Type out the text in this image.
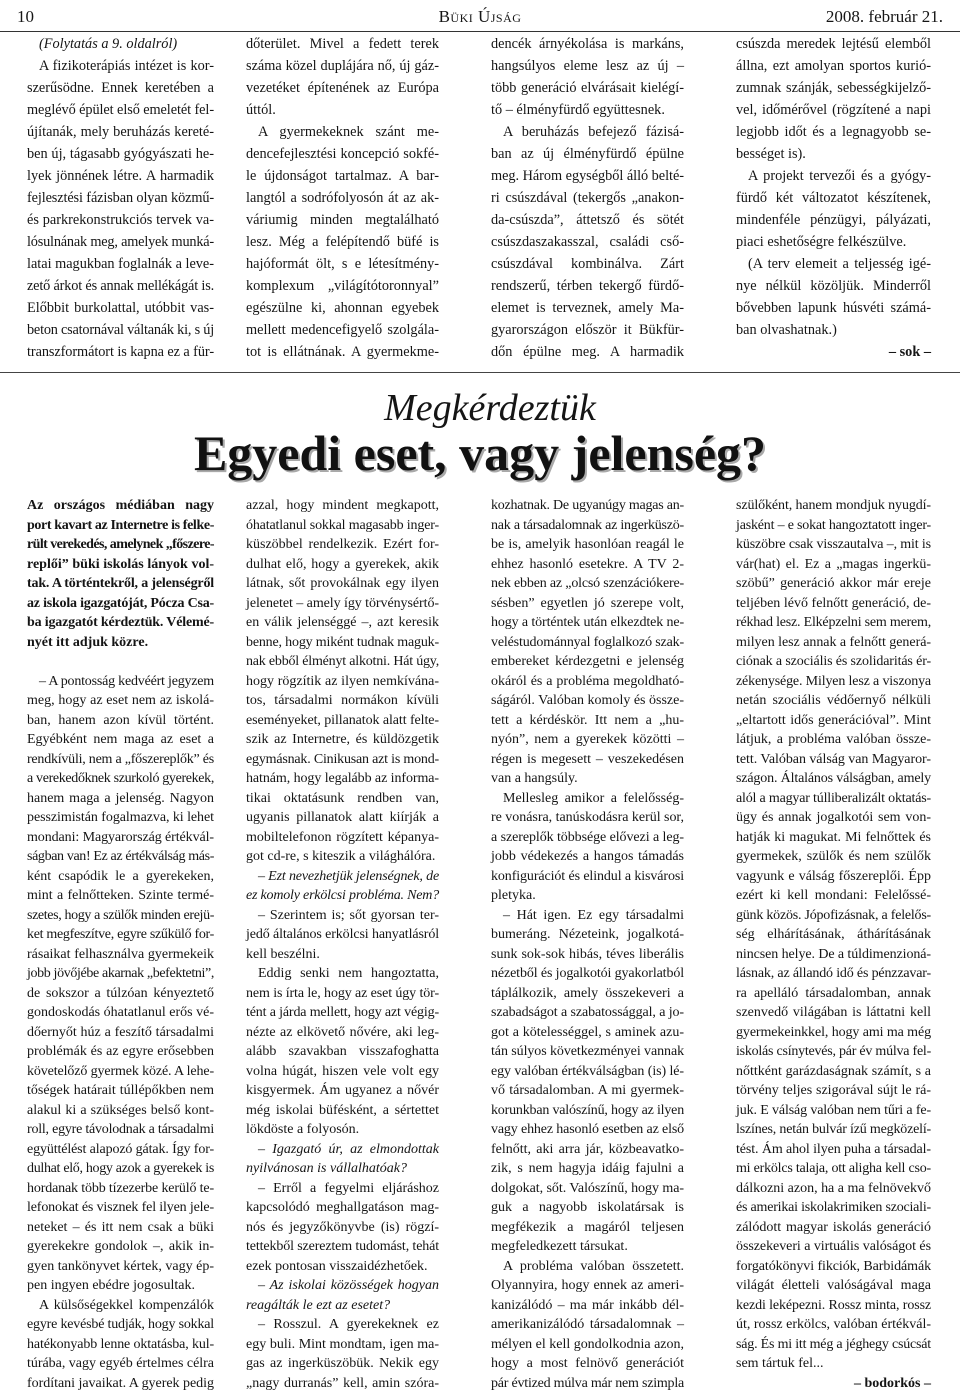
10	Büki Újság	2008. február 21.
(Folytatás a 9. oldalról)
A fizikoterápiás intézet is kor-
szerűsödne. Ennek keretében a
meglévő épület első emeletét fel-
újítanák, mely beruházás kereté-
ben új, tágasabb gyógyászati he-
lyek jönnének létre. A harmadik
fejlesztési fázisban olyan közmű-
és parkrekonstrukciós tervek va-
lósulnának meg, amelyek munká-
latai magukban foglalnák a leve-
zető árkot és annak mellékágát is.
Előbbit burkolattal, utóbbit vas-
beton csatornával váltanák ki, s új
transzformátort is kapna ez a für-
dőterület. Mivel a fedett terek
száma közel duplájára nő, új gáz-
vezetéket építenének az Európa
úttól.
A gyermekeknek szánt me-
dencefejlesztési koncepció sokfé-
le újdonságot tartalmaz. A bar-
langtól a sodrófolyosón át az ak-
váriumig minden megtalálható
lesz. Még a felépítendő büfé is
hajóformát ölt, s e létesítmény-
komplexum „világítótoronnyal”
egészülne ki, ahonnan egyebek
mellett medencefigyelő szolgála-
tot is ellátnának. A gyermekme-
dencék árnyékolása is markáns,
hangsúlyos eleme lesz az új –
több generáció elvárásait kielégí-
tő – élményfürdő együttesnek.
A beruházás befejező fázisá-
ban az új élményfürdő épülne
meg. Három egységből álló belté-
ri csúszdával (tekergős „anakon-
da-csúszda”, áttetsző és sötét
csúszdaszakasszal, családi cső-
csúszdával kombinálva. Zárt
rendszerű, térben tekergő fürdő-
elemet is terveznek, amely Ma-
gyarországon először it Bükfür-
dőn épülne meg. A harmadik
csúszda meredek lejtésű elemből
állna, ezt amolyan sportos kurió-
zumnak szánják, sebességkijelző-
vel, időmérővel (rögzítené a napi
legjobb időt és a legnagyobb se-
bességet is).
A projekt tervezői és a gyógy-
fürdő két változatot készítenek,
mindenféle pénzügyi, pályázati,
piaci eshetőségre felkészülve.
(A terv elemeit a teljesség igé-
nye nélkül közöljük. Minderről
bővebben lapunk húsvéti számá-
ban olvashatnak.)
– sok –
Megkérdeztük
Egyedi eset, vagy jelenség?
Az országos médiában nagy
port kavart az Internetre is felke-
rült verekedés, amelynek „főszere-
replői” büki iskolás lányok vol-
tak. A történtekről, a jelenségről
az iskola igazgatóját, Pócza Csa-
ba igazgatót kérdeztük. Vélemé-
nyét itt adjuk közre.
– A pontosság kedvéért jegyzem
meg, hogy az eset nem az iskolá-
ban, hanem azon kívül történt.
Egyébként nem maga az eset a
rendkívüli, nem a „főszereplők” és
a verekedőknek szurkoló gyerekek,
hanem maga a jelenség. Nagyon
pesszimistán fogalmazva, ki lehet
mondani: Magyarország értékvál-
ságban van! Ez az értékválság más-
ként csapódik le a gyerekeken,
mint a felnőtteken. Szinte termé-
szetes, hogy a szülők minden erejü-
ket megfeszítve, egyre szűkülő for-
rásaikat felhasználva gyermekeik
jobb jövőjébe akarnak „befektetni”,
de sokszor a túlzóan kényeztető
gondoskodás óhatatlanul erős vé-
dőernyőt húz a feszítő társadalmi
problémák és az egyre erősebben
követelőző gyermek közé. A lehe-
tőségek határait túllépőkben nem
alakul ki a szükséges belső kont-
roll, egyre távolodnak a társadalmi
együttélést alapozó gátak. Így for-
dulhat elő, hogy azok a gyerekek is
hordanak több tízezerbe kerülő te-
lefonokat és visznek fel ilyen jele-
neteket – és itt nem csak a büki
gyerekekre gondolok –, akik in-
gyen tankönyvet kértek, vagy ép-
pen ingyen ebédre jogosultak.
A külsőségekkel kompenzálók
egyre kevésbé tudják, hogy sokkal
hatékonyabb lenne oktatásba, kul-
túrába, vagy egyéb értelmes célra
fordítani javaikat. A gyerek pedig
azzal, hogy mindent megkapott,
óhatatlanul sokkal magasabb inger-
küszöbbel rendelkezik. Ezért for-
dulhat elő, hogy a gyerekek, akik
látnak, sőt provokálnak egy ilyen
jelenetet – amely így törvénysértő-
en válik jelenséggé –, azt keresik
benne, hogy miként tudnak maguk-
nak ebből élményt alkotni. Hát úgy,
hogy rögzítik az ilyen nemkívána-
tos, társadalmi normákon kívüli
eseményeket, pillanatok alatt felte-
szik az Internetre, és küldözgetik
egymásnak. Cinikusan azt is mond-
hatnám, hogy legalább az informa-
tikai oktatásunk rendben van,
ugyanis pillanatok alatt kiírják a
mobiltelefonon rögzített képanya-
got cd-re, s kiteszik a világhálóra.
– Ezt nevezhetjük jelenségnek, de
ez komoly erkölcsi probléma. Nem?
– Szerintem is; sőt gyorsan ter-
jedő általános erkölcsi hanyatlásról
kell beszélni.
Eddig senki nem hangoztatta,
nem is írta le, hogy az eset úgy tör-
tént a járda mellett, hogy azt végig-
nézte az elkövető nővére, aki leg-
alább szavakban visszafoghatta
volna húgát, hiszen vele volt egy
kisgyermek. Ám ugyanez a nővér
még iskolai büfésként, a sértettet
lökdöste a folyosón.
– Igazgató úr, az elmondottak
nyilvánosan is vállalhatóak?
– Erről a fegyelmi eljáráshoz
kapcsolódó meghallgatáson mag-
nós és jegyzőkönyvbe (is) rögzí-
tettekből szereztem tudomást, tehát
ezek pontosan visszaidézhetőek.
– Az iskolai közösségek hogyan
reagálták le ezt az esetet?
– Rosszul. A gyerekeknek ez
egy buli. Mint mondtam, igen ma-
gas az ingerküszöbük. Nekik egy
„nagy durranás” kell, amin szóra-
kozhatnak. De ugyanúgy magas an-
nak a társadalomnak az ingerküszö-
be is, amelyik hasonlóan reagál le
ehhez hasonló esetekre. A TV 2-
nek ebben az „olcsó szenzációkere-
sésben” egyetlen jó szerepe volt,
hogy a történtek után elkezdtek ne-
veléstudománnyal foglalkozó szak-
embereket kérdezgetni e jelenség
okáról és a probléma megoldható-
ságáról. Valóban komoly és össze-
tett a kérdéskör. Itt nem a „hu-
nyón”, nem a gyerekek közötti –
régen is megesett – veszekedésen
van a hangsúly.
Mellesleg amikor a felelősség-
re vonásra, tanúskodásra kerül sor,
a szereplők többsége elővezi a leg-
jobb védekezés a hangos támadás
konfigurációt és elindul a kisvárosi
pletyka.
– Hát igen. Ez egy társadalmi
bumeráng. Nézeteink, jogalkotá-
sunk sok-sok hibás, téves liberális
nézetből és jogalkotói gyakorlatból
táplálkozik, amely összekeveri a
szabadságot a szabatossággal, a jo-
got a kötelességgel, s aminek azu-
tán súlyos következményei vannak
egy valóban értékválságban (is) lé-
vő társadalomban. A mi gyermek-
korunkban valószínű, hogy az ilyen
vagy ehhez hasonló esetben az első
felnőtt, aki arra jár, közbeavatko-
zik, s nem hagyja idáig fajulni a
dolgokat, sőt. Valószínű, hogy ma-
guk a nagyobb iskolatársak is
megfékezik a magáról teljesen
megfeledkezett társukat.
A probléma valóban összetett.
Olyannyira, hogy ennek az ameri-
kanizálódó – ma már inkább dél-
amerikanizálódó társadalomnak –
mélyen el kell gondolkodnia azon,
hogy a most felnövő generációt
pár évtized múlva már nem szimpla
szülőként, hanem mondjuk nyugdí-
jasként – e sokat hangoztatott inger-
küszöbre csak visszautalva –, mit is
vár(hat) el. Ez a „magas ingerkü-
szöbű” generáció akkor már ereje
teljében lévő felnőtt generáció, de-
rékhad lesz. Elképzelni sem merem,
milyen lesz annak a felnőtt generá-
ciónak a szociális és szolidaritás ér-
zékenysége. Milyen lesz a viszonya
netán szociális védőernyő nélküli
„eltartott idős generációval”. Mint
látjuk, a probléma valóban össze-
tett. Valóban válság van Magyaror-
szágon. Általános válságban, amely
alól a magyar túlliberalizált oktatás-
ügy és annak jogalkotói sem von-
hatják ki magukat. Mi felnőttek és
gyermekek, szülők és nem szülők
vagyunk e válság főszereplői. Épp
ezért ki kell mondani: Felelőssé-
günk közös. Jópofizásnak, a felelős-
ség elhárításának, áthárításának
nincsen helye. De a túldimenzioná-
lásnak, az állandó idő és pénzzavar-
ra apelláló társadalomban, annak
szenvedő világában is láttatni kell
gyermekeinkkel, hogy ami ma még
iskolás csínytevés, pár év múlva fel-
nőttként garázdaságnak számít, s a
törvény teljes szigorával sújt le rá-
juk. E válság valóban nem tűri a fe-
lszínes, netán bulvár ízű megközelí-
tést. Ám ahol ilyen puha a társadal-
mi erkölcs talaja, ott aligha kell cso-
dálkozni azon, ha a ma felnövekvő
és amerikai iskolakrimiken szociali-
zálódott magyar iskolás generáció
összekeveri a virtuális valóságot és
forgatókönyvi fikciók, Barbidámák
világát életteli valóságával maga
kezdi leképezni. Rossz minta, rossz
út, rossz erkölcs, valóban értékvál-
ság. És mi itt még a jéghegy csúcsát
sem tártuk fel...
– bodorkós –
